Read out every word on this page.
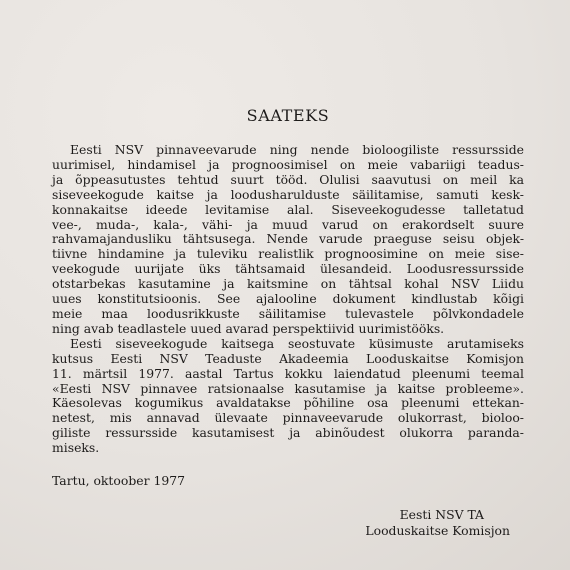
SAATEKS

Eesti NSV pinnaveevarude ning nende bioloogiliste ressursside
uurimisel, hindamisel ja prognoosimisel on meie vabariigi teadus-
ja õppeasutustes tehtud suurt tööd. Olulisi saavutusi on meil ka
siseveekogude kaitse ja loodusharulduste säilitamise, samuti kesk-
konnakaitse ideede levitamise alal. Siseveekogudesse talletatud
vee-, muda-, kala-, vähi- ja muud varud on erakordselt suure
rahvamajandusliku tähtsusega. Nende varude praeguse seisu objek-
tiivne hindamine ja tuleviku realistlik prognoosimine on meie sise-
veekogude uurijate üks tähtsamaid ülesandeid. Loodusressursside
otstarbekas kasutamine ja kaitsmine on tähtsal kohal NSV Liidu
uues konstitutsioonis. See ajalooline dokument kindlustab kõigi
meie maa loodusrikkuste säilitamise tulevastele põlvkondadele
ning avab teadlastele uued avarad perspektiivid uurimistööks.

Eesti siseveekogude kaitsega seostuvate küsimuste arutamiseks
kutsus Eesti NSV Teaduste Akadeemia Looduskaitse Komisjon
11. märtsil 1977. aastal Tartus kokku laiendatud pleenumi teemal
«Eesti NSV pinnavee ratsionaalse kasutamise ja kaitse probleeme».
Käesolevas kogumikus avaldatakse põhiline osa pleenumi ettekan-
netest, mis annavad ülevaate pinnaveevarude olukorrast, bioloo-
giliste ressursside kasutamisest ja abinõudest olukorra paranda-
miseks.

Tartu, oktoober 1977

Eesti NSV TA
Looduskaitse Komisjon
